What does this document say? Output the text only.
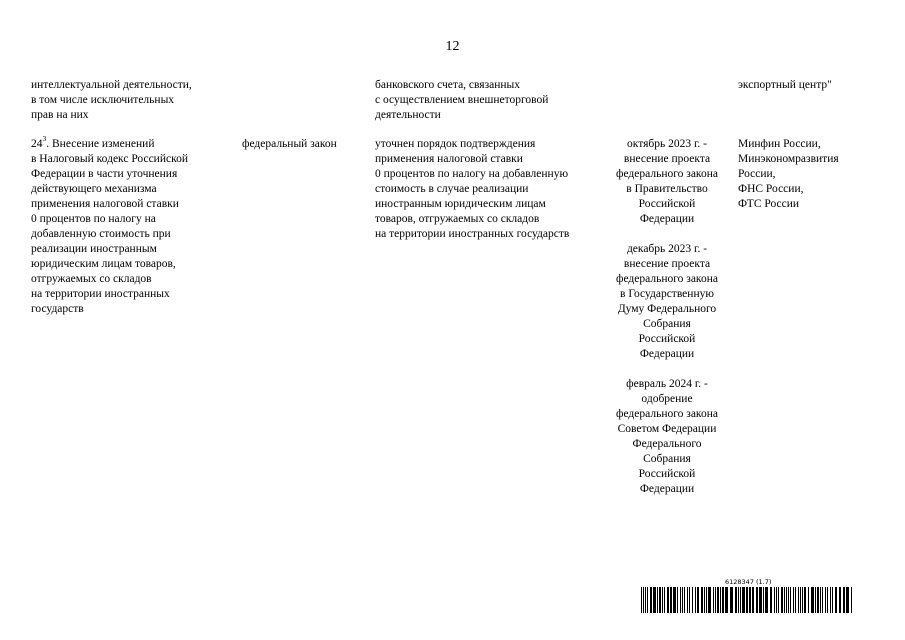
12
интеллектуальной деятельности,
в том числе исключительных
прав на них
банковского счета, связанных
с осуществлением внешнеторговой
деятельности
экспортный центр"
$24^3$. Внесение изменений
в Налоговый кодекс Российской
Федерации в части уточнения
действующего механизма
применения налоговой ставки
0 процентов по налогу на
добавленную стоимость при
реализации иностранным
юридическим лицам товаров,
отгружаемых со складов
на территории иностранных
государств
федеральный закон	уточнен порядок подтверждения
применения налоговой ставки
0 процентов по налогу на добавленную
стоимость в случае реализации
иностранным юридическим лицам
товаров, отгружаемых со складов
на территории иностранных государств
октябрь 2023 г. -
внесение проекта
федерального закона
в Правительство
Российской
Федерации
декабрь 2023 г. -
внесение проекта
федерального закона
в Государственную
Думу Федерального
Собрания
Российской
Федерации
февраль 2024 г. -
одобрение
федерального закона
Советом Федерации
Федерального
Собрания
Российской
Федерации
Минфин России,
Минэкономразвития
России,
ФНС России,
ФТС России
6128347 (1.7)
